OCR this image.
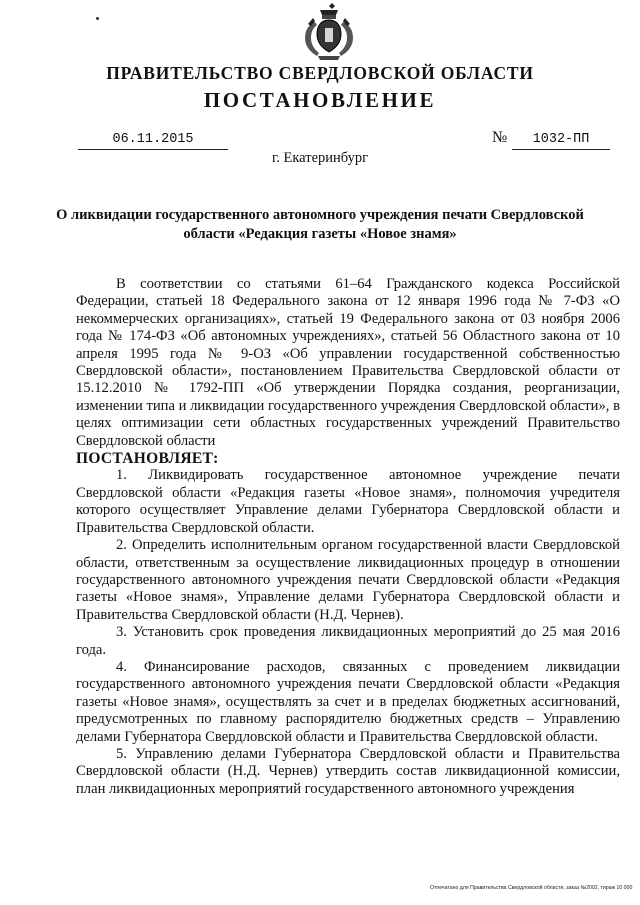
ПРАВИТЕЛЬСТВО СВЕРДЛОВСКОЙ ОБЛАСТИ
ПОСТАНОВЛЕНИЕ
06.11.2015	№	1032-ПП
г. Екатеринбург
О ликвидации государственного автономного учреждения печати Свердловской области «Редакция газеты «Новое знамя»

В соответствии со статьями 61–64 Гражданского кодекса Российской Федерации, статьей 18 Федерального закона от 12 января 1996 года № 7-ФЗ «О некоммерческих организациях», статьей 19 Федерального закона от 03 ноября 2006 года № 174-ФЗ «Об автономных учреждениях», статьей 56 Областного закона от 10 апреля 1995 года № 9-ОЗ «Об управлении государственной собственностью Свердловской области», постановлением Правительства Свердловской области от 15.12.2010 № 1792-ПП «Об утверждении Порядка создания, реорганизации, изменении типа и ликвидации государственного учреждения Свердловской области», в целях оптимизации сети областных государственных учреждений Правительство Свердловской области

ПОСТАНОВЛЯЕТ:

1. Ликвидировать государственное автономное учреждение печати Свердловской области «Редакция газеты «Новое знамя», полномочия учредителя которого осуществляет Управление делами Губернатора Свердловской области и Правительства Свердловской области.

2. Определить исполнительным органом государственной власти Свердловской области, ответственным за осуществление ликвидационных процедур в отношении государственного автономного учреждения печати Свердловской области «Редакция газеты «Новое знамя», Управление делами Губернатора Свердловской области и Правительства Свердловской области (Н.Д. Чернев).

3. Установить срок проведения ликвидационных мероприятий до 25 мая 2016 года.

4. Финансирование расходов, связанных с проведением ликвидации государственного автономного учреждения печати Свердловской области «Редакция газеты «Новое знамя», осуществлять за счет и в пределах бюджетных ассигнований, предусмотренных по главному распорядителю бюджетных средств – Управлению делами Губернатора Свердловской области и Правительства Свердловской области.

5. Управлению делами Губернатора Свердловской области и Правительства Свердловской области (Н.Д. Чернев) утвердить состав ликвидационной комиссии, план ликвидационных мероприятий государственного автономного учреждения

Отпечатано для Правительства Свердловской области, заказ №2002, тираж 10 000
